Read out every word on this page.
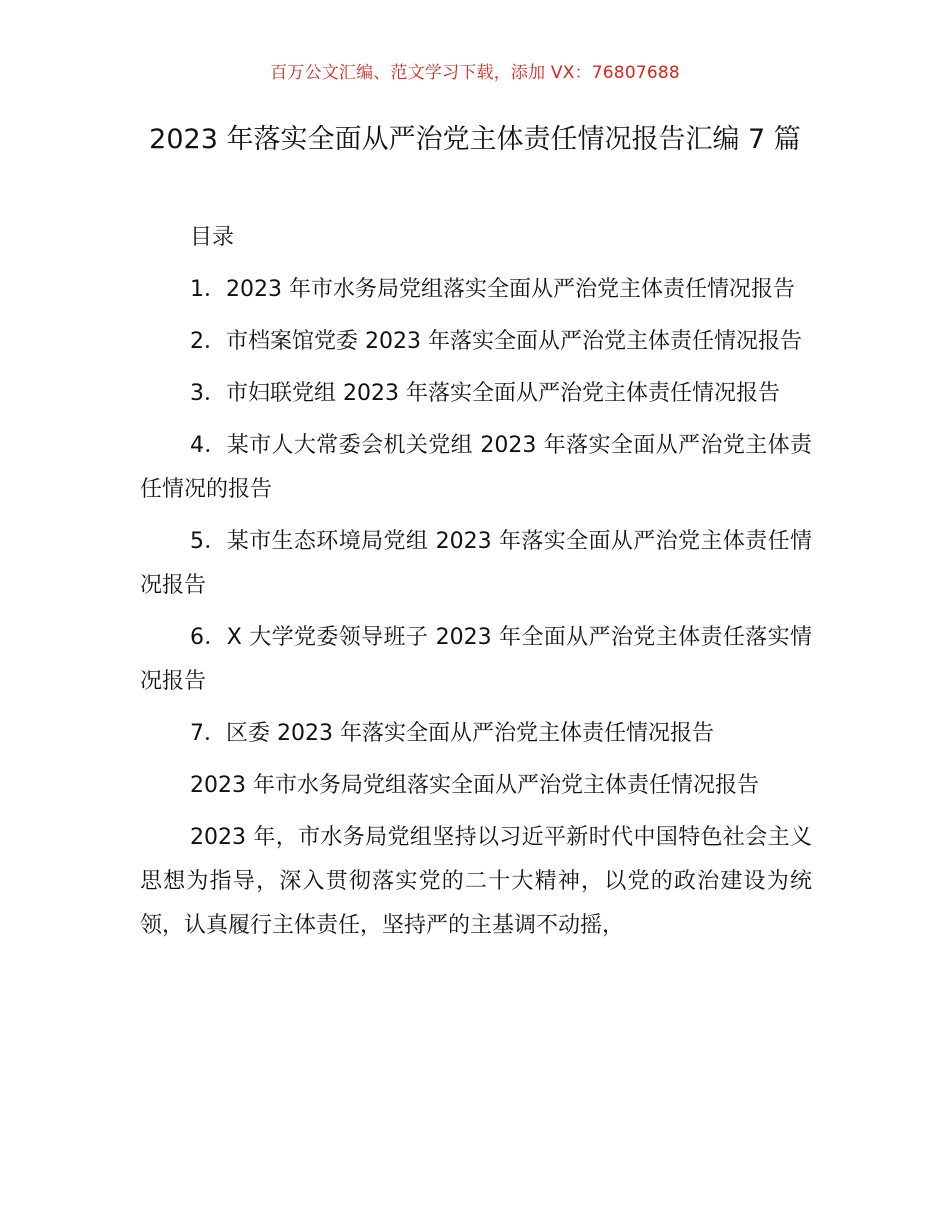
百万公文汇编、范文学习下载，添加 VX：76807688
2023 年落实全面从严治党主体责任情况报告汇编 7 篇

目录

1．2023 年市水务局党组落实全面从严治党主体责任情况报告

2．市档案馆党委 2023 年落实全面从严治党主体责任情况报告

3．市妇联党组 2023 年落实全面从严治党主体责任情况报告

4．某市人大常委会机关党组 2023 年落实全面从严治党主体责任情况的报告

5．某市生态环境局党组 2023 年落实全面从严治党主体责任情况报告

6．X 大学党委领导班子 2023 年全面从严治党主体责任落实情况报告

7．区委 2023 年落实全面从严治党主体责任情况报告

2023 年市水务局党组落实全面从严治党主体责任情况报告

2023 年，市水务局党组坚持以习近平新时代中国特色社会主义思想为指导，深入贯彻落实党的二十大精神，以党的政治建设为统领，认真履行主体责任，坚持严的主基调不动摇，
